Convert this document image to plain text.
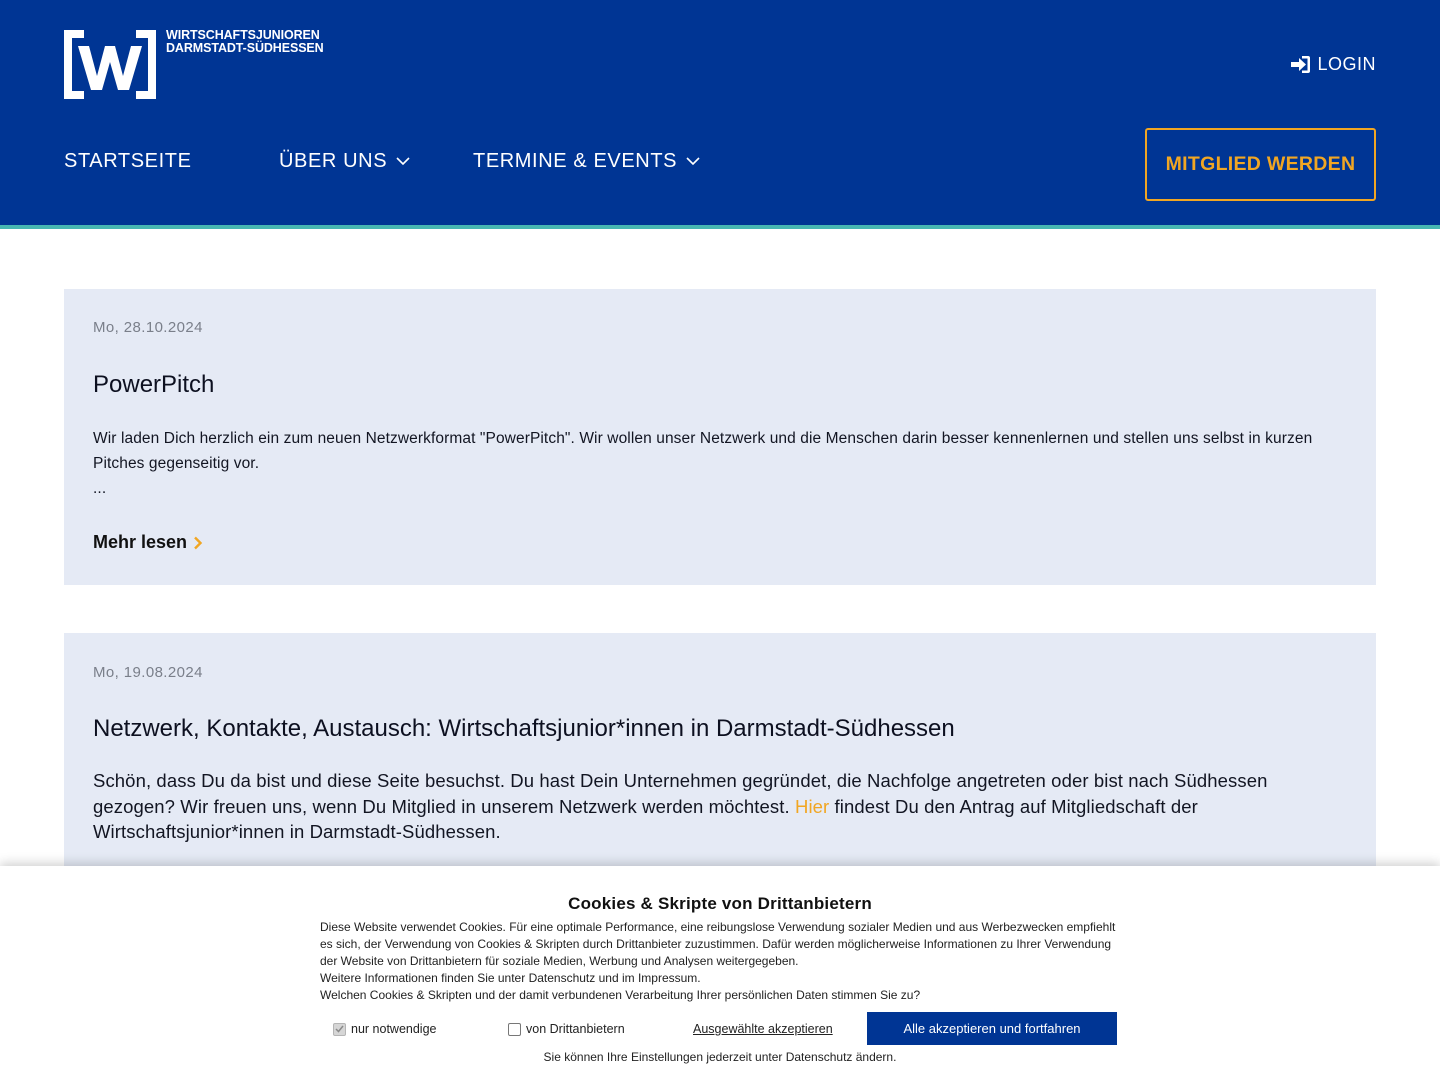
WIRTSCHAFTSJUNIOREN
DARMSTADT-SÜDHESSEN
LOGIN
STARTSEITE	ÜBER UNS	TERMINE & EVENTS	MITGLIED WERDEN
Mo, 28.10.2024
PowerPitch

Wir laden Dich herzlich ein zum neuen Netzwerkformat "PowerPitch". Wir wollen unser Netzwerk und die Menschen darin besser kennenlernen und stellen uns selbst in kurzen Pitches gegenseitig vor.

...

Mehr lesen
Mo, 19.08.2024
Netzwerk, Kontakte, Austausch: Wirtschaftsjunior*innen in Darmstadt-Südhessen

Schön, dass Du da bist und diese Seite besuchst. Du hast Dein Unternehmen gegründet, die Nachfolge angetreten oder bist nach Südhessen gezogen? Wir freuen uns, wenn Du Mitglied in unserem Netzwerk werden möchtest. Hier findest Du den Antrag auf Mitgliedschaft der Wirtschaftsjunior*innen in Darmstadt-Südhessen.

Cookies & Skripte von Drittanbietern

Diese Website verwendet Cookies. Für eine optimale Performance, eine reibungslose Verwendung sozialer Medien und aus Werbezwecken empfiehlt es sich, der Verwendung von Cookies & Skripten durch Drittanbieter zuzustimmen. Dafür werden möglicherweise Informationen zu Ihrer Verwendung der Website von Drittanbietern für soziale Medien, Werbung und Analysen weitergegeben.

Weitere Informationen finden Sie unter Datenschutz und im Impressum.

Welchen Cookies & Skripten und der damit verbundenen Verarbeitung Ihrer persönlichen Daten stimmen Sie zu?

nur notwendige	von Drittanbietern	Ausgewählte akzeptieren	Alle akzeptieren und fortfahren
Sie können Ihre Einstellungen jederzeit unter Datenschutz ändern.
